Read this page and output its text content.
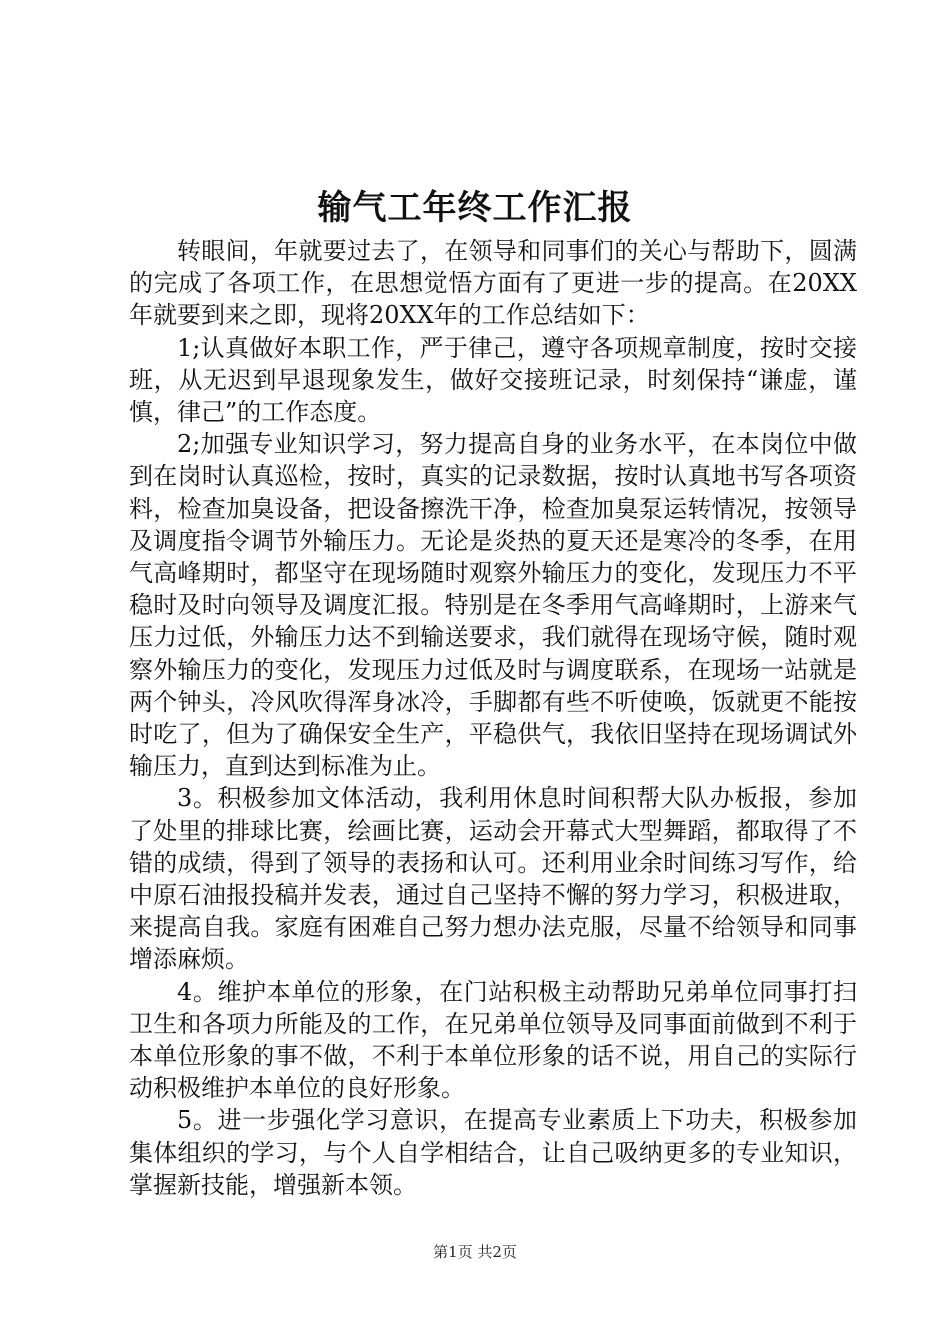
输气工年终工作汇报

转眼间，年就要过去了，在领导和同事们的关心与帮助下，圆满的完成了各项工作，在思想觉悟方面有了更进一步的提高。在20XX年就要到来之即，现将20XX年的工作总结如下：

1;认真做好本职工作，严于律己，遵守各项规章制度，按时交接班，从无迟到早退现象发生，做好交接班记录，时刻保持“谦虚，谨慎，律己”的工作态度。

2;加强专业知识学习，努力提高自身的业务水平，在本岗位中做到在岗时认真巡检，按时，真实的记录数据，按时认真地书写各项资料，检查加臭设备，把设备擦洗干净，检查加臭泵运转情况，按领导及调度指令调节外输压力。无论是炎热的夏天还是寒冷的冬季，在用气高峰期时，都坚守在现场随时观察外输压力的变化，发现压力不平稳时及时向领导及调度汇报。特别是在冬季用气高峰期时，上游来气压力过低，外输压力达不到输送要求，我们就得在现场守候，随时观察外输压力的变化，发现压力过低及时与调度联系，在现场一站就是两个钟头，冷风吹得浑身冰冷，手脚都有些不听使唤，饭就更不能按时吃了，但为了确保安全生产，平稳供气，我依旧坚持在现场调试外输压力，直到达到标准为止。

3。积极参加文体活动，我利用休息时间积帮大队办板报，参加了处里的排球比赛，绘画比赛，运动会开幕式大型舞蹈，都取得了不错的成绩，得到了领导的表扬和认可。还利用业余时间练习写作，给中原石油报投稿并发表，通过自己坚持不懈的努力学习，积极进取，来提高自我。家庭有困难自己努力想办法克服，尽量不给领导和同事增添麻烦。

4。维护本单位的形象，在门站积极主动帮助兄弟单位同事打扫卫生和各项力所能及的工作，在兄弟单位领导及同事面前做到不利于本单位形象的事不做，不利于本单位形象的话不说，用自己的实际行动积极维护本单位的良好形象。

5。进一步强化学习意识，在提高专业素质上下功夫，积极参加集体组织的学习，与个人自学相结合，让自己吸纳更多的专业知识，掌握新技能，增强新本领。

第1页 共2页
